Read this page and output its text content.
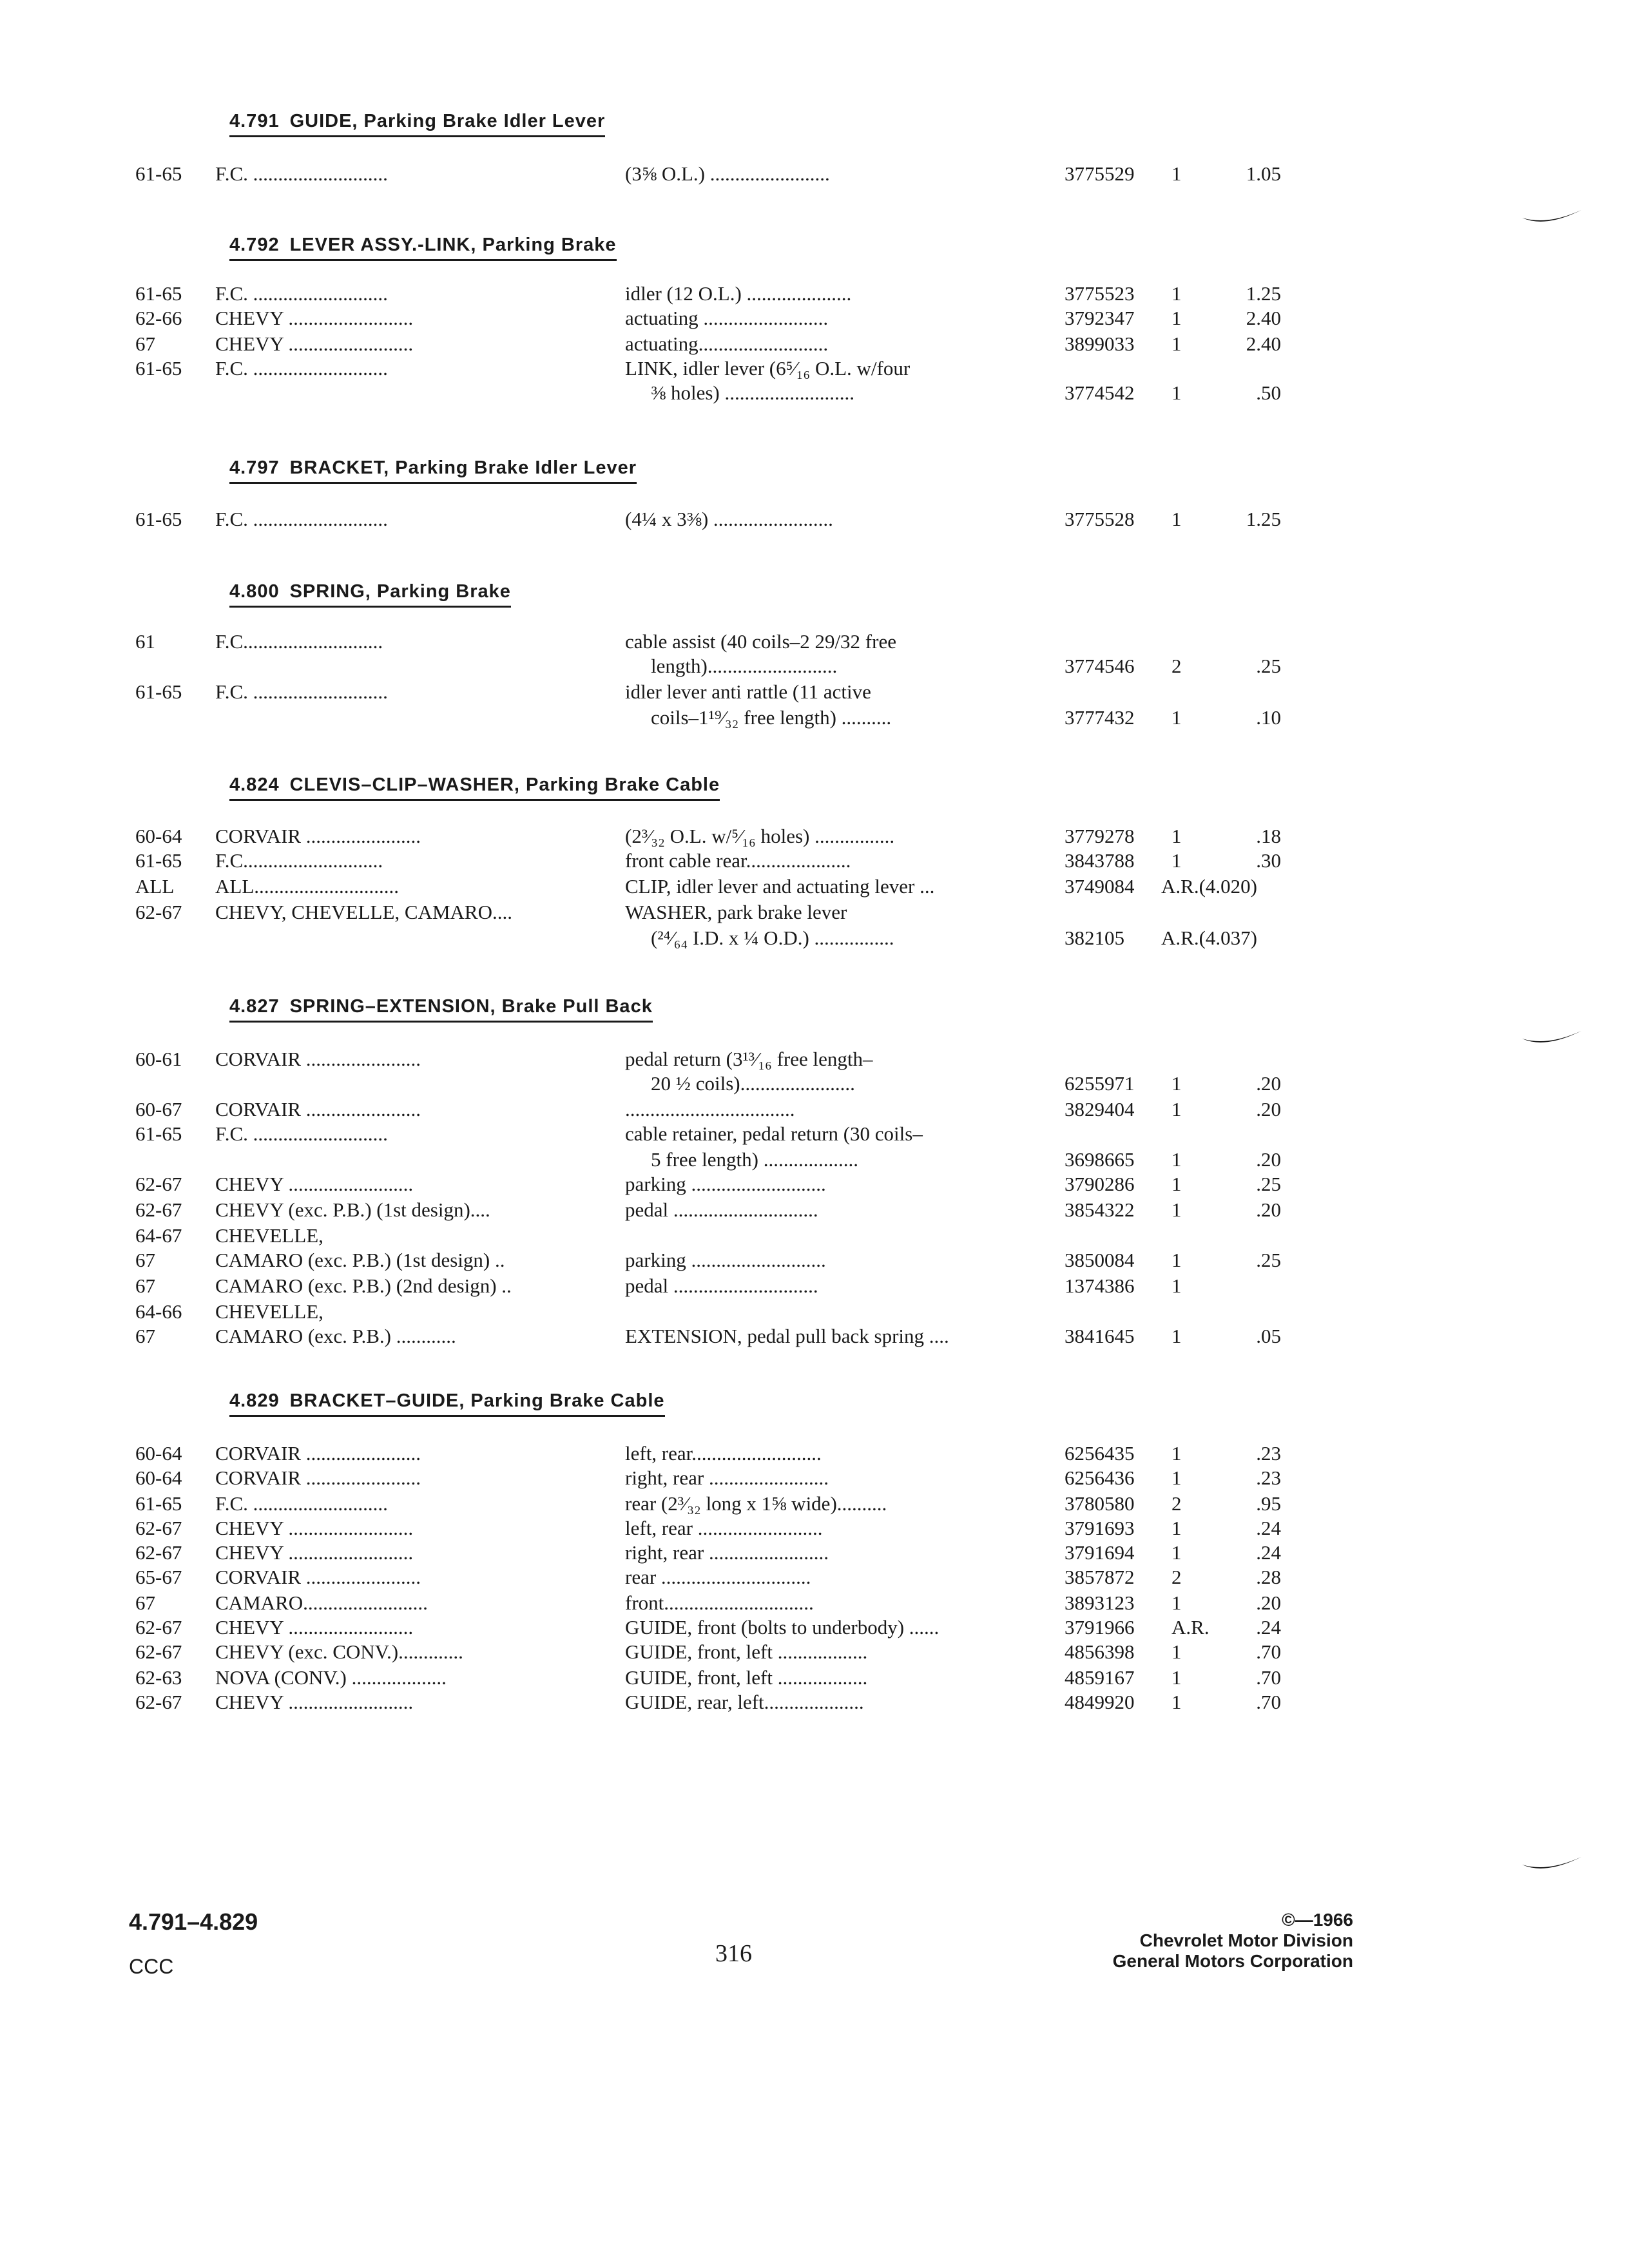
4.791 GUIDE, Parking Brake Idler Lever
61-65 F.C. ...........................	(3⅝ O.L.) ........................	3775529 1	1.05
4.792 LEVER ASSY.-LINK, Parking Brake
61-65 F.C. ...........................	idler (12 O.L.) .....................	3775523 1	1.25
62-66 CHEVY .........................	actuating .........................	3792347 1	2.40
67	CHEVY .........................	actuating..........................	3899033 1	2.40
61-65 F.C. ...........................	LINK, idler lever (6⁵⁄₁₆ O.L. w/four
⅜ holes) ..........................	3774542 1	.50
4.797 BRACKET, Parking Brake Idler Lever
61-65 F.C. ...........................	(4¼ x 3⅜) ........................	3775528 1	1.25
4.800 SPRING, Parking Brake
61	F.C............................	cable assist (40 coils–2 29/32 free
length)..........................	3774546 2	.25
61-65 F.C. ...........................	idler lever anti rattle (11 active
coils–1¹⁹⁄₃₂ free length) ..........	3777432 1	.10
4.824 CLEVIS–CLIP–WASHER, Parking Brake Cable
60-64 CORVAIR .......................	(2³⁄₃₂ O.L. w/⁵⁄₁₆ holes) ................	3779278 1	.18
61-65 F.C............................	front cable rear.....................	3843788 1	.30
ALL ALL.............................	CLIP, idler lever and actuating lever ...	3749084 A.R.(4.020)
62-67 CHEVY, CHEVELLE, CAMARO....	WASHER, park brake lever
(²⁴⁄₆₄ I.D. x ¼ O.D.) ................	382105 A.R.(4.037)
4.827 SPRING–EXTENSION, Brake Pull Back
60-61 CORVAIR .......................	pedal return (3¹³⁄₁₆ free length–
20 ½ coils).......................	6255971 1	.20
60-67 CORVAIR .......................	..................................	3829404 1	.20
61-65 F.C. ...........................	cable retainer, pedal return (30 coils–
5 free length) ...................	3698665 1	.20
62-67 CHEVY .........................	parking ...........................	3790286 1	.25
62-67 CHEVY (exc. P.B.) (1st design)....	pedal .............................	3854322 1	.20
64-67 CHEVELLE,
67	CAMARO (exc. P.B.) (1st design) ..	parking ...........................	3850084 1	.25
67	CAMARO (exc. P.B.) (2nd design) ..	pedal .............................	1374386 1
64-66 CHEVELLE,
67	CAMARO (exc. P.B.) ............	EXTENSION, pedal pull back spring ....	3841645 1	.05
4.829 BRACKET–GUIDE, Parking Brake Cable
60-64 CORVAIR .......................	left, rear..........................	6256435 1	.23
60-64 CORVAIR .......................	right, rear ........................	6256436 1	.23
61-65 F.C. ...........................	rear (2³⁄₃₂ long x 1⅝ wide)..........	3780580 2	.95
62-67 CHEVY .........................	left, rear .........................	3791693 1	.24
62-67 CHEVY .........................	right, rear ........................	3791694 1	.24
65-67 CORVAIR .......................	rear ..............................	3857872 2	.28
67	CAMARO.........................	front..............................	3893123 1	.20
62-67 CHEVY .........................	GUIDE, front (bolts to underbody) ......	3791966 A.R. .24
62-67 CHEVY (exc. CONV.).............	GUIDE, front, left ..................	4856398 1	.70
62-63 NOVA (CONV.) ...................	GUIDE, front, left ..................	4859167 1	.70
62-67 CHEVY .........................	GUIDE, rear, left....................	4849920 1	.70
4.791–4.829
CCC	316
©—1966
Chevrolet Motor Division
General Motors Corporation
